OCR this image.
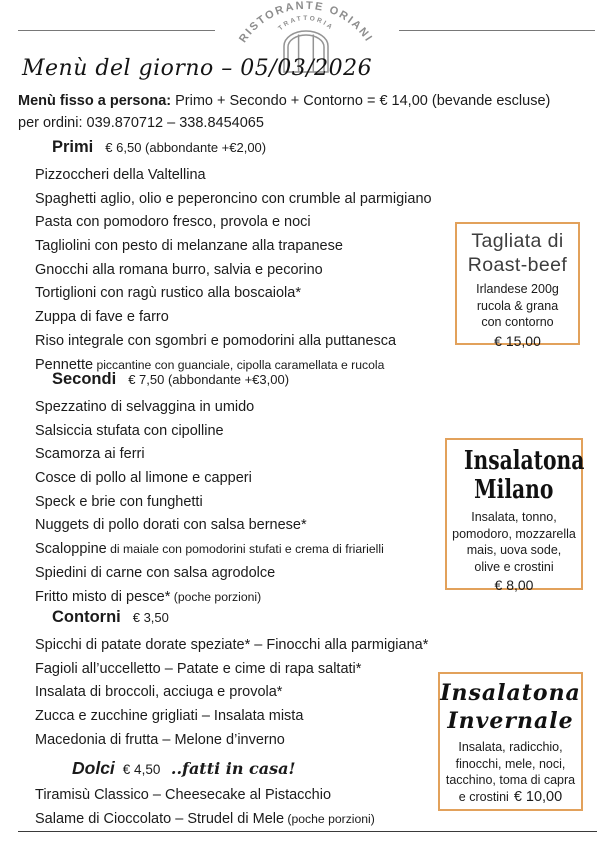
RISTORANTE ORIANI
TRATTORIA
Menù del giorno – 05/03/2026
Menù fisso a persona: Primo + Secondo + Contorno = € 14,00 (bevande escluse)
per ordini: 039.870712 – 338.8454065
Primi € 6,50 (abbondante +€2,00)
Pizzoccheri della Valtellina
Spaghetti aglio, olio e peperoncino con crumble al parmigiano
Pasta con pomodoro fresco, provola e noci
Tagliolini con pesto di melanzane alla trapanese
Gnocchi alla romana burro, salvia e pecorino
Tortiglioni con ragù rustico alla boscaiola*
Zuppa di fave e farro
Riso integrale con sgombri e pomodorini alla puttanesca
Pennette piccantine con guanciale, cipolla caramellata e rucola
Secondi € 7,50 (abbondante +€3,00)
Spezzatino di selvaggina in umido
Salsiccia stufata con cipolline
Scamorza ai ferri
Cosce di pollo al limone e capperi
Speck e brie con funghetti
Nuggets di pollo dorati con salsa bernese*
Scaloppine di maiale con pomodorini stufati e crema di friarielli
Spiedini di carne con salsa agrodolce
Fritto misto di pesce* (poche porzioni)
Contorni € 3,50
Spicchi di patate dorate speziate* – Finocchi alla parmigiana*
Fagioli all’uccelletto – Patate e cime di rapa saltati*
Insalata di broccoli, acciuga e provola*
Zucca e zucchine grigliati – Insalata mista
Macedonia di frutta – Melone d’inverno
Dolci € 4,50 ..fatti in casa!
Tiramisù Classico – Cheesecake al Pistacchio
Salame di Cioccolato – Strudel di Mele (poche porzioni)
Tagliata di
Roast-beef
Irlandese 200g
rucola & grana
con contorno
€ 15,00
Insalatona
Milano
Insalata, tonno,
pomodoro, mozzarella
mais, uova sode,
olive e crostini
€ 8,00
Insalatona
Invernale
Insalata, radicchio,
finocchi, mele, noci,
tacchino, toma di capra
e crostini € 10,00
